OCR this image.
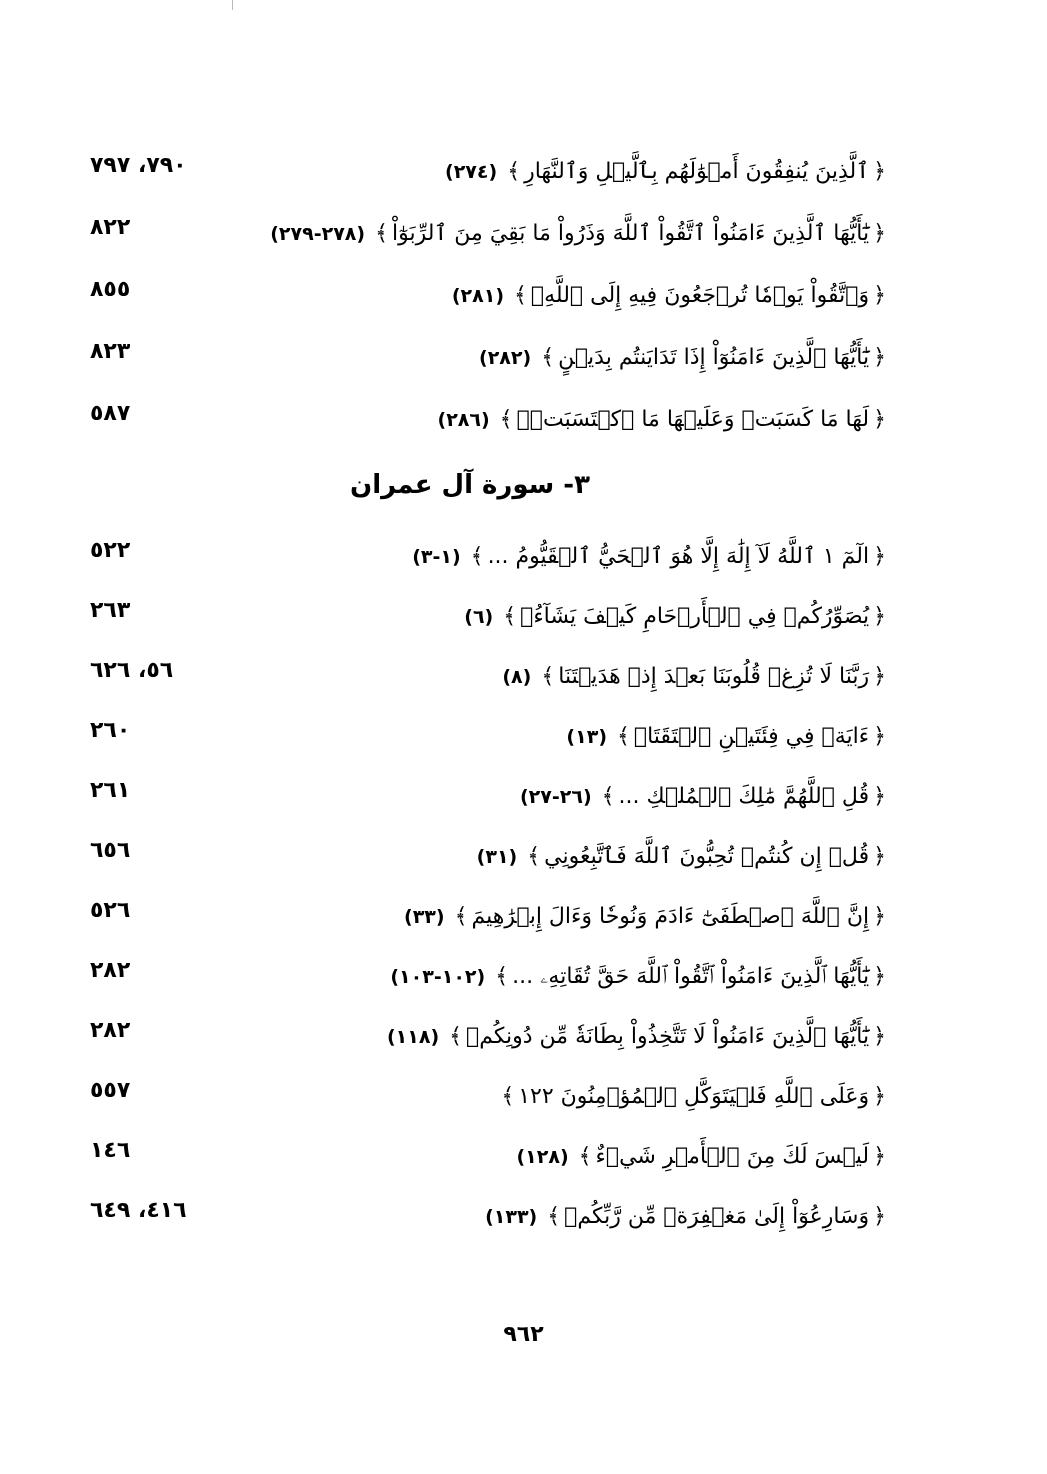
٧٩٠، ٧٩٧	﴿ٱلَّذِينَ يُنفِقُونَ أَمۡوَٰلَهُم بِٱلَّيۡلِ وَٱلنَّهَارِ﴾(٢٧٤)
٨٢٢	﴿يَٰٓأَيُّهَا ٱلَّذِينَ ءَامَنُواْ ٱتَّقُواْ ٱللَّهَ وَذَرُواْ مَا بَقِيَ مِنَ ٱلرِّبَوٰٓاْ﴾(٢٧٨-٢٧٩)
٨٥٥	﴿وَٱتَّقُواْ يَوۡمٗا تُرۡجَعُونَ فِيهِ إِلَى ٱللَّهِۖ﴾(٢٨١)
٨٢٣	﴿يَٰٓأَيُّهَا ٱلَّذِينَ ءَامَنُوٓاْ إِذَا تَدَايَنتُم بِدَيۡنٍ﴾(٢٨٢)
٥٨٧	﴿لَهَا مَا كَسَبَتۡ وَعَلَيۡهَا مَا ٱكۡتَسَبَتۡۗ﴾(٢٨٦)
٣- سورة آل عمران
٥٢٢	﴿الٓمٓ ١ ٱللَّهُ لَآ إِلَٰهَ إِلَّا هُوَ ٱلۡحَيُّ ٱلۡقَيُّومُ ...﴾(١-٣)
٢٦٣	﴿يُصَوِّرُكُمۡ فِي ٱلۡأَرۡحَامِ كَيۡفَ يَشَآءُۚ﴾(٦)
٥٦، ٦٢٦	﴿رَبَّنَا لَا تُزِغۡ قُلُوبَنَا بَعۡدَ إِذۡ هَدَيۡتَنَا﴾(٨)
٢٦٠	﴿ءَايَةٞ فِي فِئَتَيۡنِ ٱلۡتَقَتَاۖ﴾(١٣)
٢٦١	﴿قُلِ ٱللَّهُمَّ مَٰلِكَ ٱلۡمُلۡكِ ...﴾(٢٦-٢٧)
٦٥٦	﴿قُلۡ إِن كُنتُمۡ تُحِبُّونَ ٱللَّهَ فَٱتَّبِعُونِي﴾(٣١)
٥٢٦	﴿إِنَّ ٱللَّهَ ٱصۡطَفَىٰٓ ءَادَمَ وَنُوحٗا وَءَالَ إِبۡرَٰهِيمَ﴾(٣٣)
٢٨٢	﴿يَٰٓأَيُّهَا ٱلَّذِينَ ءَامَنُواْ ٱتَّقُواْ ٱللَّهَ حَقَّ تُقَاتِهِۦ ...﴾(١٠٢-١٠٣)
٢٨٢	﴿يَٰٓأَيُّهَا ٱلَّذِينَ ءَامَنُواْ لَا تَتَّخِذُواْ بِطَانَةٗ مِّن دُونِكُمۡ﴾(١١٨)
٥٥٧	﴿وَعَلَى ٱللَّهِ فَلۡيَتَوَكَّلِ ٱلۡمُؤۡمِنُونَ ١٢٢﴾
١٤٦	﴿لَيۡسَ لَكَ مِنَ ٱلۡأَمۡرِ شَيۡءٌ﴾(١٢٨)
٤١٦، ٦٤٩	﴿وَسَارِعُوٓاْ إِلَىٰ مَغۡفِرَةٖ مِّن رَّبِّكُمۡ﴾(١٣٣)
٩٦٢
